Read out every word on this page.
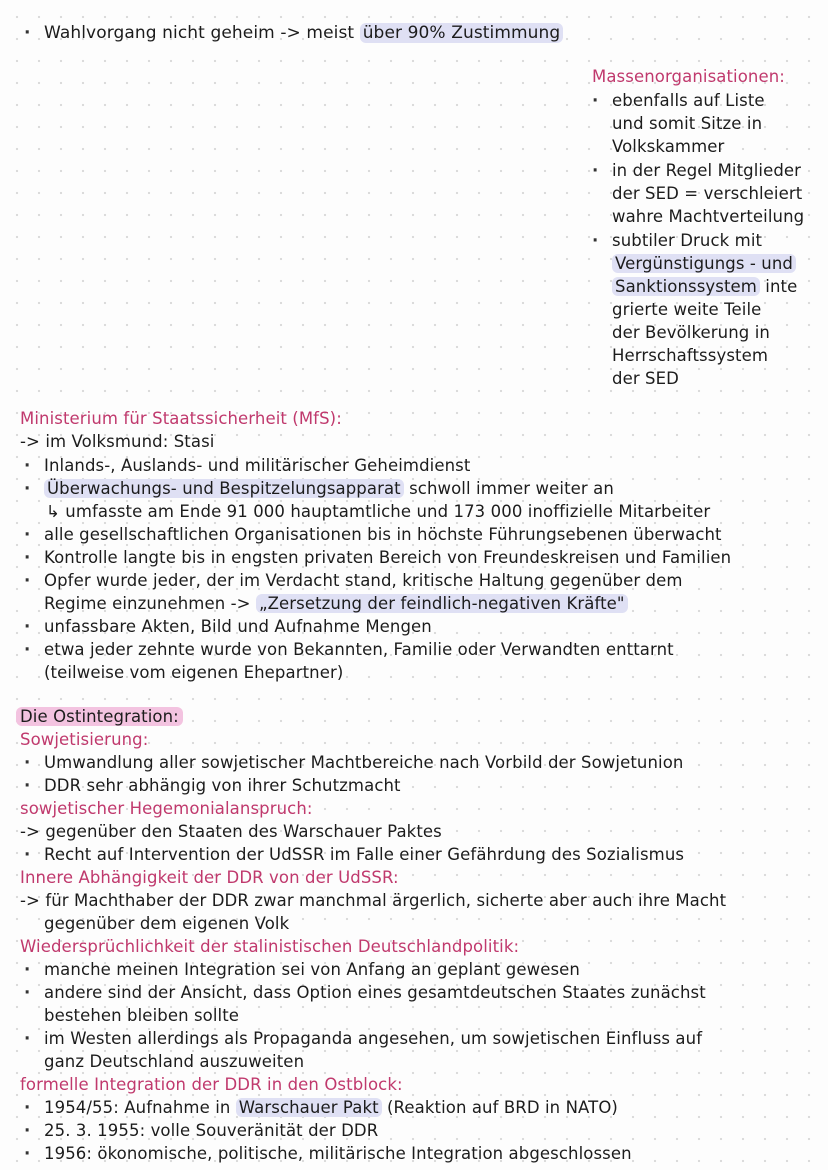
· Wahlvorgang nicht geheim -> meist über 90% Zustimmung
Massenorganisationen:
· ebenfalls auf Liste
und somit Sitze in
Volkskammer
· in der Regel Mitglieder
der SED = verschleiert
wahre Machtverteilung
· subtiler Druck mit
Vergünstigungs - und
Sanktionssystem inte
grierte weite Teile
der Bevölkerung in
Herrschaftssystem
der SED
Ministerium für Staatssicherheit (MfS):
-> im Volksmund: Stasi
· Inlands-, Auslands- und militärischer Geheimdienst
· Überwachungs- und Bespitzelungsapparat schwoll immer weiter an
↳ umfasste am Ende 91 000 hauptamtliche und 173 000 inoffizielle Mitarbeiter
· alle gesellschaftlichen Organisationen bis in höchste Führungsebenen überwacht
· Kontrolle langte bis in engsten privaten Bereich von Freundeskreisen und Familien
· Opfer wurde jeder, der im Verdacht stand, kritische Haltung gegenüber dem
Regime einzunehmen -> „Zersetzung der feindlich-negativen Kräfte"
· unfassbare Akten, Bild und Aufnahme Mengen
· etwa jeder zehnte wurde von Bekannten, Familie oder Verwandten enttarnt
(teilweise vom eigenen Ehepartner)
Die Ostintegration:
Sowjetisierung:
· Umwandlung aller sowjetischer Machtbereiche nach Vorbild der Sowjetunion
· DDR sehr abhängig von ihrer Schutzmacht
sowjetischer Hegemonialanspruch:
-> gegenüber den Staaten des Warschauer Paktes
· Recht auf Intervention der UdSSR im Falle einer Gefährdung des Sozialismus
Innere Abhängigkeit der DDR von der UdSSR:
-> für Machthaber der DDR zwar manchmal ärgerlich, sicherte aber auch ihre Macht
gegenüber dem eigenen Volk
Wiedersprüchlichkeit der stalinistischen Deutschlandpolitik:
· manche meinen Integration sei von Anfang an geplant gewesen
· andere sind der Ansicht, dass Option eines gesamtdeutschen Staates zunächst
bestehen bleiben sollte
· im Westen allerdings als Propaganda angesehen, um sowjetischen Einfluss auf
ganz Deutschland auszuweiten
formelle Integration der DDR in den Ostblock:
· 1954/55: Aufnahme in Warschauer Pakt (Reaktion auf BRD in NATO)
· 25. 3. 1955: volle Souveränität der DDR
· 1956: ökonomische, politische, militärische Integration abgeschlossen
